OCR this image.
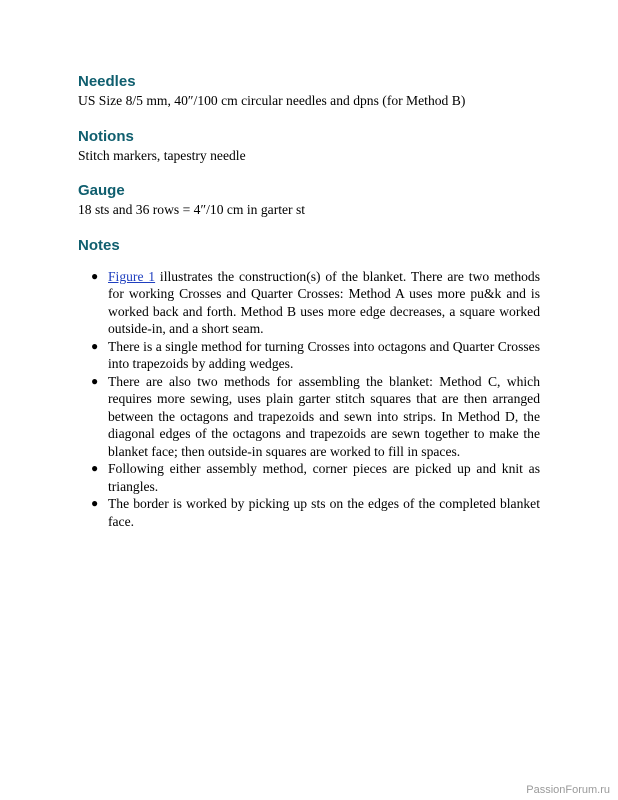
Needles

US Size 8/5 mm, 40″/100 cm circular needles and dpns (for Method B)

Notions

Stitch markers, tapestry needle

Gauge

18 sts and 36 rows = 4″/10 cm in garter st

Notes
● Figure 1 illustrates the construction(s) of the blanket. There are two methods for working Crosses and Quarter Crosses: Method A uses more pu&k and is worked back and forth. Method B uses more edge decreases, a square worked outside-in, and a short seam.
● There is a single method for turning Crosses into octagons and Quarter Crosses into trapezoids by adding wedges.
● There are also two methods for assembling the blanket: Method C, which requires more sewing, uses plain garter stitch squares that are then arranged between the octagons and trapezoids and sewn into strips. In Method D, the diagonal edges of the octagons and trapezoids are sewn together to make the blanket face; then outside-in squares are worked to fill in spaces.
● Following either assembly method, corner pieces are picked up and knit as triangles.
● The border is worked by picking up sts on the edges of the completed blanket face.
PassionForum.ru
